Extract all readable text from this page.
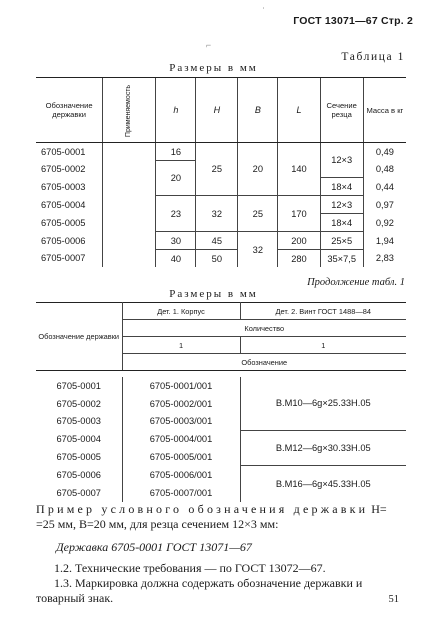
ГОСТ 13071—67 Стр. 2
˙
⌐
Таблица 1
Размеры в мм
Обозначение державки	Применяемость	h	H	B	L	Сечение резца	Масса в кг
6705-0001		16	25	20	140	12×3	0,49
6705-0002		20					0,48
6705-0003						18×4	0,44
6705-0004		23	32	25	170	12×3	0,97
6705-0005						18×4	0,92
6705-0006		30	45	32	200	25×5	1,94
6705-0007		40	50		280	35×7,5	2,83
Продолжение табл. 1
Размеры в мм
Обозначение державки	Дет. 1. Корпус	Дет. 2. Винт ГОСТ 1488—84
	Количество	
	1	1
	Обозначение	

6705-0001	6705-0001/001	В.М10—6g×25.33Н.05
6705-0002	6705-0002/001	
6705-0003	6705-0003/001	
6705-0004	6705-0004/001	В.М12—6g×30.33Н.05
6705-0005	6705-0005/001	
6705-0006	6705-0006/001	В.М16—6g×45.33Н.05
6705-0007	6705-0007/001	
Пример условного обозначения державки H= =25 мм, B=20 мм, для резца сечением 12×3 мм:
Державка 6705-0001 ГОСТ 13071—67
1.2. Технические требования — по ГОСТ 13072—67.
1.3. Маркировка должна содержать обозначение державки и товарный знак.	51
